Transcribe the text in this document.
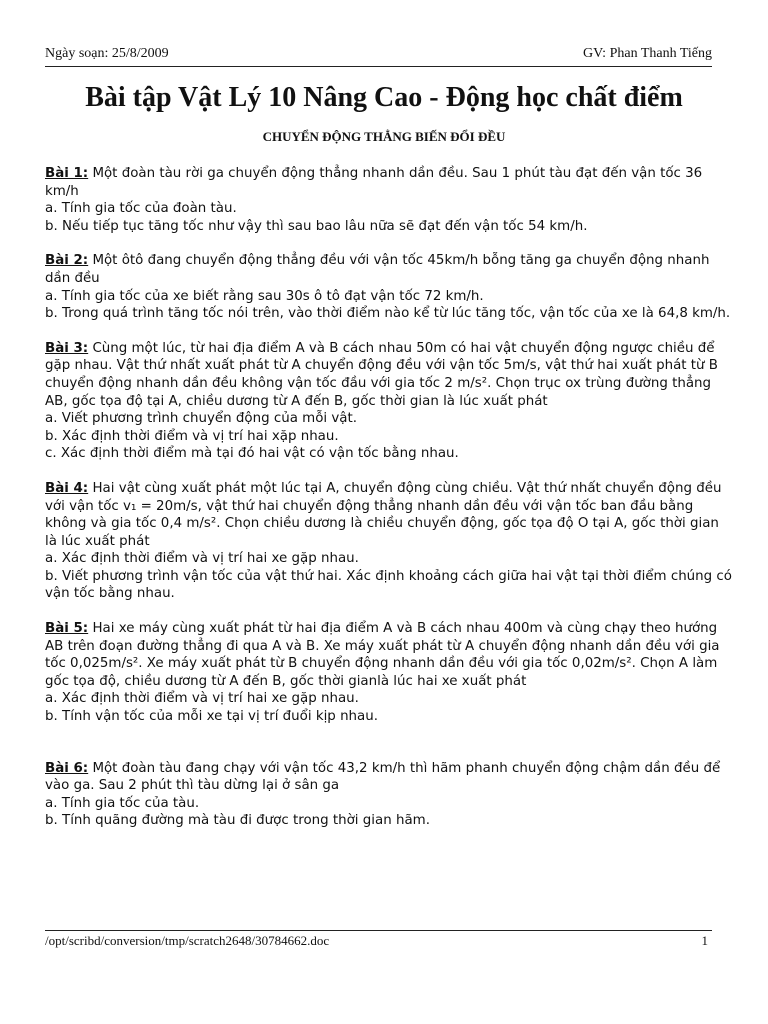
Ngày soạn: 25/8/2009	GV: Phan Thanh Tiếng
Bài tập Vật Lý 10 Nâng Cao - Động học chất điểm
CHUYỂN ĐỘNG THẲNG BIẾN ĐỔI ĐỀU

Bài 1: Một đoàn tàu rời ga chuyển động thẳng nhanh dần đều. Sau 1 phút tàu đạt đến vận tốc 36 km/h

a. Tính gia tốc của đoàn tàu.

b. Nếu tiếp tục tăng tốc như vậy thì sau bao lâu nữa sẽ đạt đến vận tốc 54 km/h.

Bài 2: Một ôtô đang chuyển động thẳng đều với vận tốc 45km/h bỗng tăng ga chuyển động nhanh dần đều

a. Tính gia tốc của xe biết rằng sau 30s ô tô đạt vận tốc 72 km/h.

b. Trong quá trình tăng tốc nói trên, vào thời điểm nào kể từ lúc tăng tốc, vận tốc của xe là 64,8 km/h.

Bài 3: Cùng một lúc, từ hai địa điểm A và B cách nhau 50m có hai vật chuyển động ngược chiều để gặp nhau. Vật thứ nhất xuất phát từ A chuyển động đều với vận tốc 5m/s, vật thứ hai xuất phát từ B chuyển động nhanh dần đều không vận tốc đầu với gia tốc 2 m/s². Chọn trục ox trùng đường thẳng AB, gốc tọa độ tại A, chiều dương từ A đến B, gốc thời gian là lúc xuất phát

a. Viết phương trình chuyển động của mỗi vật.

b. Xác định thời điểm và vị trí hai xặp nhau.

c. Xác định thời điểm mà tại đó hai vật có vận tốc bằng nhau.

Bài 4: Hai vật cùng xuất phát một lúc tại A, chuyển động cùng chiều. Vật thứ nhất chuyển động đều với vận tốc v₁ = 20m/s, vật thứ hai chuyển động thẳng nhanh dần đều với vận tốc ban đầu bằng không và gia tốc 0,4 m/s². Chọn chiều dương là chiều chuyển động, gốc tọa độ O tại A, gốc thời gian là lúc xuất phát

a. Xác định thời điểm và vị trí hai xe gặp nhau.

b. Viết phương trình vận tốc của vật thứ hai. Xác định khoảng cách giữa hai vật tại thời điểm chúng có vận tốc bằng nhau.

Bài 5: Hai xe máy cùng xuất phát từ hai địa điểm A và B cách nhau 400m và cùng chạy theo hướng AB trên đoạn đường thẳng đi qua A và B. Xe máy xuất phát từ A chuyển động nhanh dần đều với gia tốc 0,025m/s². Xe máy xuất phát từ B chuyển động nhanh dần đều với gia tốc 0,02m/s². Chọn A làm gốc tọa độ, chiều dương từ A đến B, gốc thời gianlà lúc hai xe xuất phát

a. Xác định thời điểm và vị trí hai xe gặp nhau.

b. Tính vận tốc của mỗi xe tại vị trí đuổi kịp nhau.

Bài 6: Một đoàn tàu đang chạy với vận tốc 43,2 km/h thì hãm phanh chuyển động chậm dần đều để vào ga. Sau 2 phút thì tàu dừng lại ở sân ga

a. Tính gia tốc của tàu.

b. Tính quãng đường mà tàu đi được trong thời gian hãm.

/opt/scribd/conversion/tmp/scratch2648/30784662.doc	1
